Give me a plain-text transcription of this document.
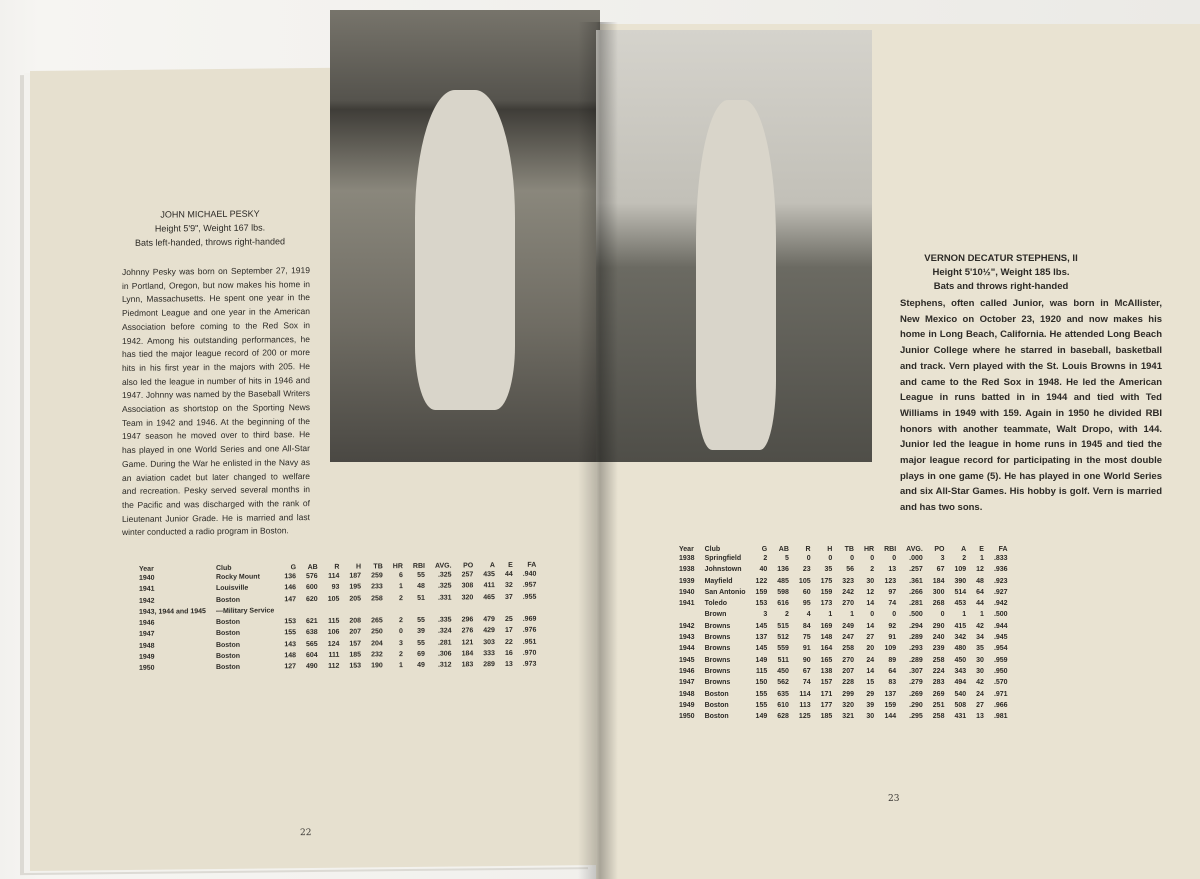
JOHN MICHAEL PESKY
Height 5'9", Weight 167 lbs.
Bats left-handed, throws right-handed
Johnny Pesky was born on September 27, 1919 in Portland, Oregon, but now makes his home in Lynn, Massachusetts. He spent one year in the Piedmont League and one year in the American Association before coming to the Red Sox in 1942. Among his outstanding performances, he has tied the major league record of 200 or more hits in his first year in the majors with 205. He also led the league in number of hits in 1946 and 1947. Johnny was named by the Baseball Writers Association as shortstop on the Sporting News Team in 1942 and 1946. At the beginning of the 1947 season he moved over to third base. He has played in one World Series and one All-Star Game. During the War he enlisted in the Navy as an aviation cadet but later changed to welfare and recreation. Pesky served several months in the Pacific and was discharged with the rank of Lieutenant Junior Grade. He is married and last winter conducted a radio program in Boston.
Year	Club	G	AB	R	H	TB	HR	RBI	AVG.	PO	A	E	FA
1940	Rocky Mount	136	576	114	187	259	6	55	.325	257	435	44	.940
1941	Louisville	146	600	93	195	233	1	48	.325	308	411	32	.957
1942	Boston	147	620	105	205	258	2	51	.331	320	465	37	.955
1943, 1944 and 1945	—Military Service												
1946	Boston	153	621	115	208	265	2	55	.335	296	479	25	.969
1947	Boston	155	638	106	207	250	0	39	.324	276	429	17	.976
1948	Boston	143	565	124	157	204	3	55	.281	121	303	22	.951
1949	Boston	148	604	111	185	232	2	69	.306	184	333	16	.970
1950	Boston	127	490	112	153	190	1	49	.312	183	289	13	.973
22
VERNON DECATUR STEPHENS, II
Height 5'10½", Weight 185 lbs.
Bats and throws right-handed
Stephens, often called Junior, was born in McAllister, New Mexico on October 23, 1920 and now makes his home in Long Beach, California. He attended Long Beach Junior College where he starred in baseball, basketball and track. Vern played with the St. Louis Browns in 1941 and came to the Red Sox in 1948. He led the American League in runs batted in in 1944 and tied with Ted Williams in 1949 with 159. Again in 1950 he divided RBI honors with another teammate, Walt Dropo, with 144. Junior led the league in home runs in 1945 and tied the major league record for participating in the most double plays in one game (5). He has played in one World Series and six All-Star Games. His hobby is golf. Vern is married and has two sons.
Year	Club	G	AB	R	H	TB	HR	RBI	AVG.	PO	A	E	FA
1938	Springfield	2	5	0	0	0	0	0	.000	3	2	1	.833
1938	Johnstown	40	136	23	35	56	2	13	.257	67	109	12	.936
1939	Mayfield	122	485	105	175	323	30	123	.361	184	390	48	.923
1940	San Antonio	159	598	60	159	242	12	97	.266	300	514	64	.927
1941	Toledo	153	616	95	173	270	14	74	.281	268	453	44	.942
	Brown	3	2	4	1	1	0	0	.500	0	1	1	.500
1942	Browns	145	515	84	169	249	14	92	.294	290	415	42	.944
1943	Browns	137	512	75	148	247	27	91	.289	240	342	34	.945
1944	Browns	145	559	91	164	258	20	109	.293	239	480	35	.954
1945	Browns	149	511	90	165	270	24	89	.289	258	450	30	.959
1946	Browns	115	450	67	138	207	14	64	.307	224	343	30	.950
1947	Browns	150	562	74	157	228	15	83	.279	283	494	42	.570
1948	Boston	155	635	114	171	299	29	137	.269	269	540	24	.971
1949	Boston	155	610	113	177	320	39	159	.290	251	508	27	.966
1950	Boston	149	628	125	185	321	30	144	.295	258	431	13	.981
23
